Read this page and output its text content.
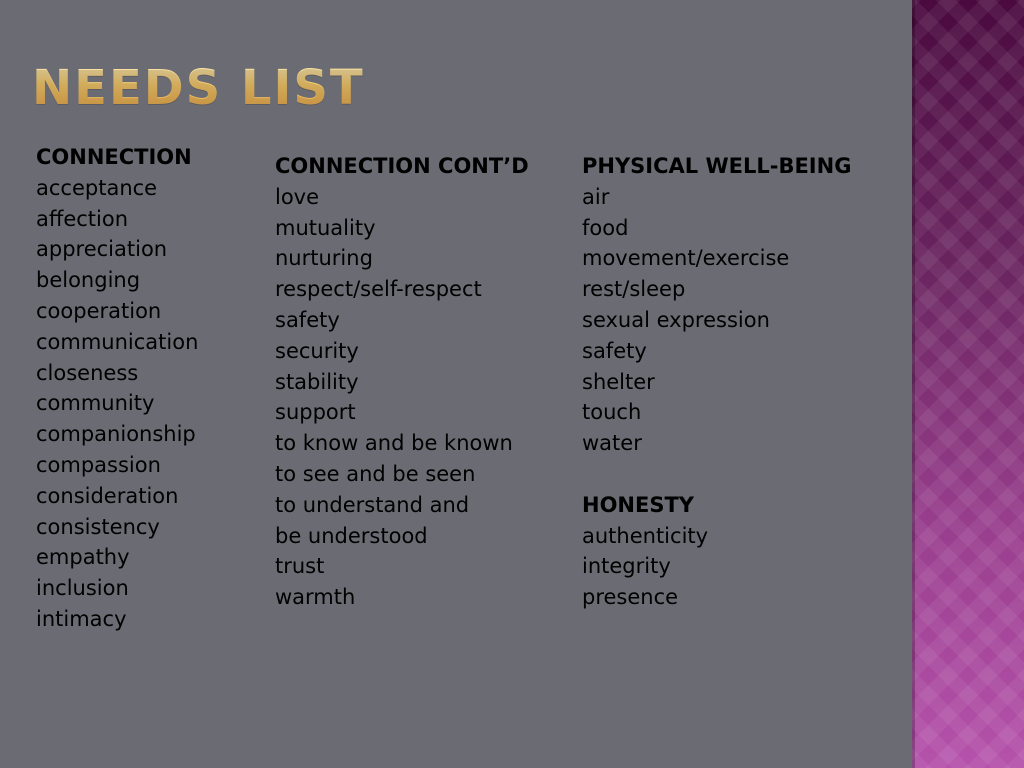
NEEDS LIST
CONNECTION
acceptance
affection
appreciation
belonging
cooperation
communication
closeness
community
companionship
compassion
consideration
consistency
empathy
inclusion
intimacy
CONNECTION CONT’D
love
mutuality
nurturing
respect/self-respect
safety
security
stability
support
to know and be known
to see and be seen
to understand and
be understood
trust
warmth
PHYSICAL WELL-BEING
air
food
movement/exercise
rest/sleep
sexual expression
safety
shelter
touch
water
HONESTY
authenticity
integrity
presence
